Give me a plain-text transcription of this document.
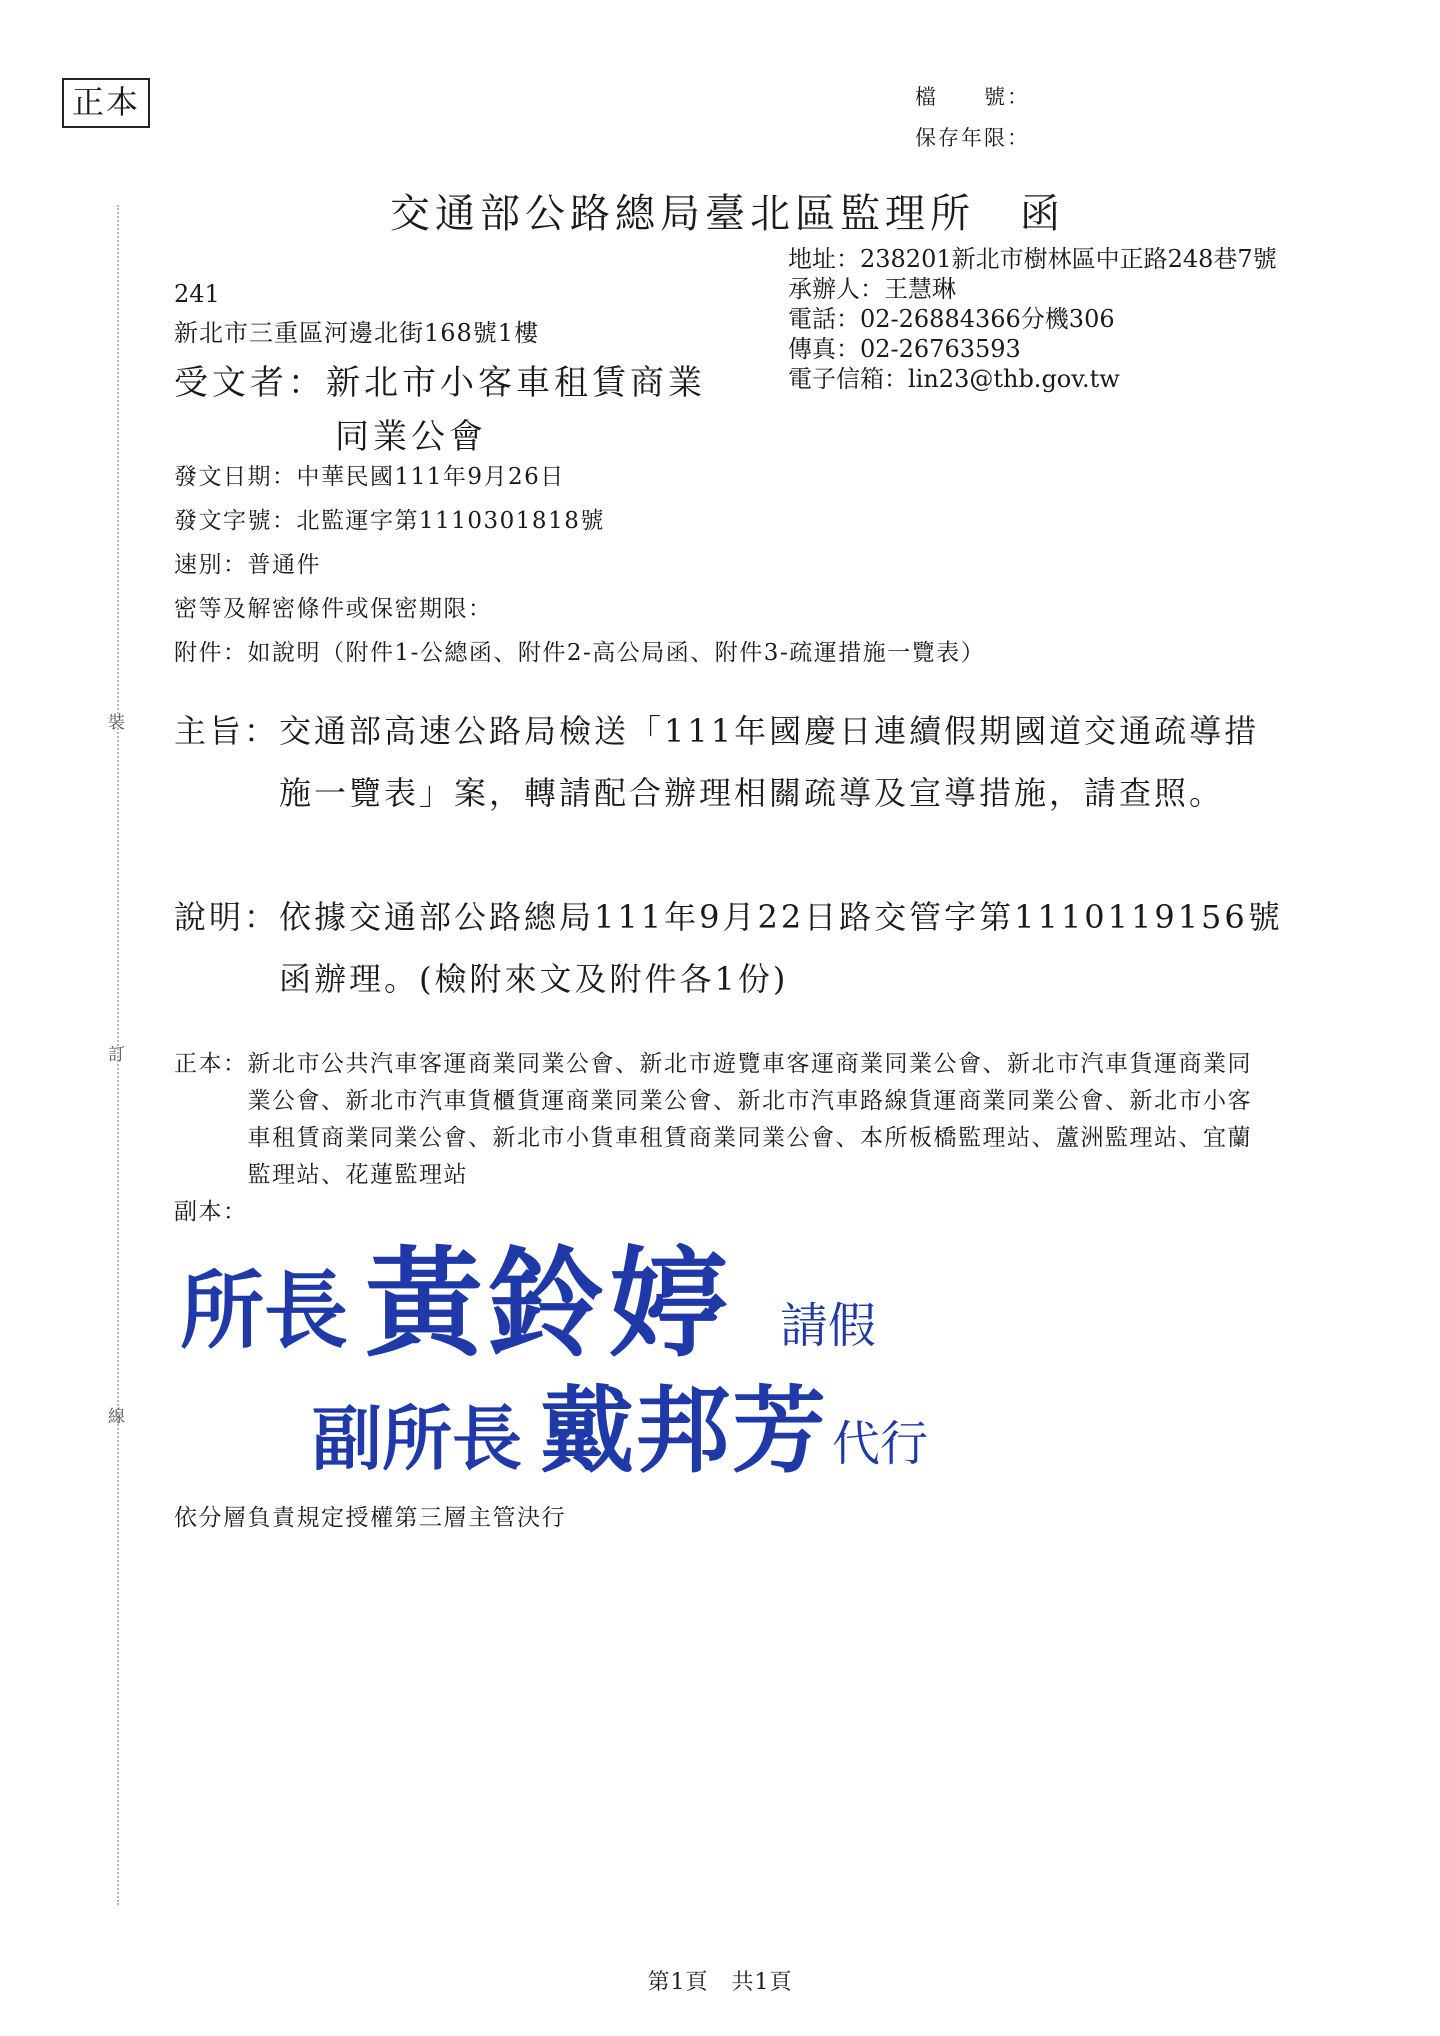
裝
訂
線
正本	檔　　號：
保存年限：
交通部公路總局臺北區監理所　函
地址：238201新北市樹林區中正路248巷7號
承辦人：王慧琳
電話：02-26884366分機306
傳真：02-26763593
電子信箱：lin23@thb.gov.tw
241
新北市三重區河邊北街168號1樓
受文者：新北市小客車租賃商業
同業公會
發文日期：中華民國111年9月26日
發文字號：北監運字第1110301818號
速別：普通件
密等及解密條件或保密期限：
附件：如說明（附件1-公總函、附件2-高公局函、附件3-疏運措施一覽表）
主旨： 交通部高速公路局檢送「111年國慶日連續假期國道交通疏導措施一覽表」案，轉請配合辦理相關疏導及宣導措施，請查照。
說明： 依據交通部公路總局111年9月22日路交管字第1110119156號函辦理。(檢附來文及附件各1份)
正本： 新北市公共汽車客運商業同業公會、新北市遊覽車客運商業同業公會、新北市汽車貨運商業同業公會、新北市汽車貨櫃貨運商業同業公會、新北市汽車路線貨運商業同業公會、新北市小客車租賃商業同業公會、新北市小貨車租賃商業同業公會、本所板橋監理站、蘆洲監理站、宜蘭監理站、花蓮監理站
副本：
所長 黃鈴婷 請假
副所長 戴邦芳 代行
依分層負責規定授權第三層主管決行
第1頁　共1頁
